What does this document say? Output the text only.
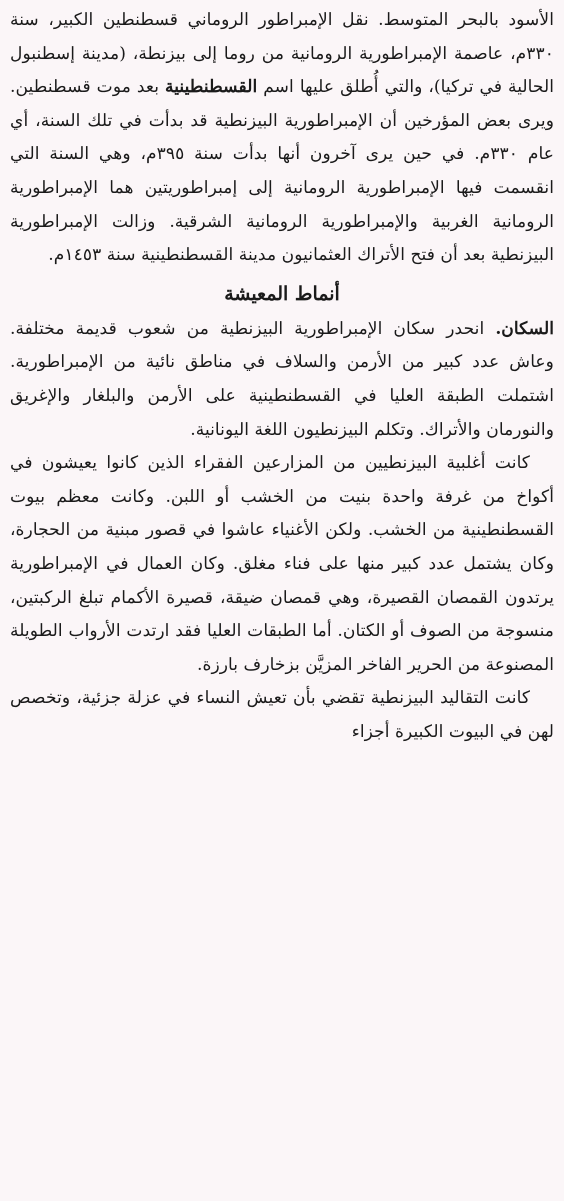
الأسود بالبحر المتوسط. نقل الإمبراطور الروماني قسطنطين الكبير، سنة ٣٣٠م، عاصمة الإمبراطورية الرومانية من روما إلى بيزنطة، (مدينة إسطنبول الحالية في تركيا)، والتي أُطلق عليها اسم القسطنطينية بعد موت قسطنطين. ويرى بعض المؤرخين أن الإمبراطورية البيزنطية قد بدأت في تلك السنة، أي عام ٣٣٠م. في حين يرى آخرون أنها بدأت سنة ٣٩٥م، وهي السنة التي انقسمت فيها الإمبراطورية الرومانية إلى إمبراطوريتين هما الإمبراطورية الرومانية الغربية والإمبراطورية الرومانية الشرقية. وزالت الإمبراطورية البيزنطية بعد أن فتح الأتراك العثمانيون مدينة القسطنطينية سنة ١٤٥٣م.

أنماط المعيشة

السكان. انحدر سكان الإمبراطورية البيزنطية من شعوب قديمة مختلفة. وعاش عدد كبير من الأرمن والسلاف في مناطق نائية من الإمبراطورية. اشتملت الطبقة العليا في القسطنطينية على الأرمن والبلغار والإغريق والنورمان والأتراك. وتكلم البيزنطيون اللغة اليونانية.

كانت أغلبية البيزنطيين من المزارعين الفقراء الذين كانوا يعيشون في أكواخ من غرفة واحدة بنيت من الخشب أو اللبن. وكانت معظم بيوت القسطنطينية من الخشب. ولكن الأغنياء عاشوا في قصور مبنية من الحجارة، وكان يشتمل عدد كبير منها على فناء مغلق. وكان العمال في الإمبراطورية يرتدون القمصان القصيرة، وهي قمصان ضيقة، قصيرة الأكمام تبلغ الركبتين، منسوجة من الصوف أو الكتان. أما الطبقات العليا فقد ارتدت الأرواب الطويلة المصنوعة من الحرير الفاخر المزيَّن بزخارف بارزة.

كانت التقاليد البيزنطية تقضي بأن تعيش النساء في عزلة جزئية، وتخصص لهن في البيوت الكبيرة أجزاء
